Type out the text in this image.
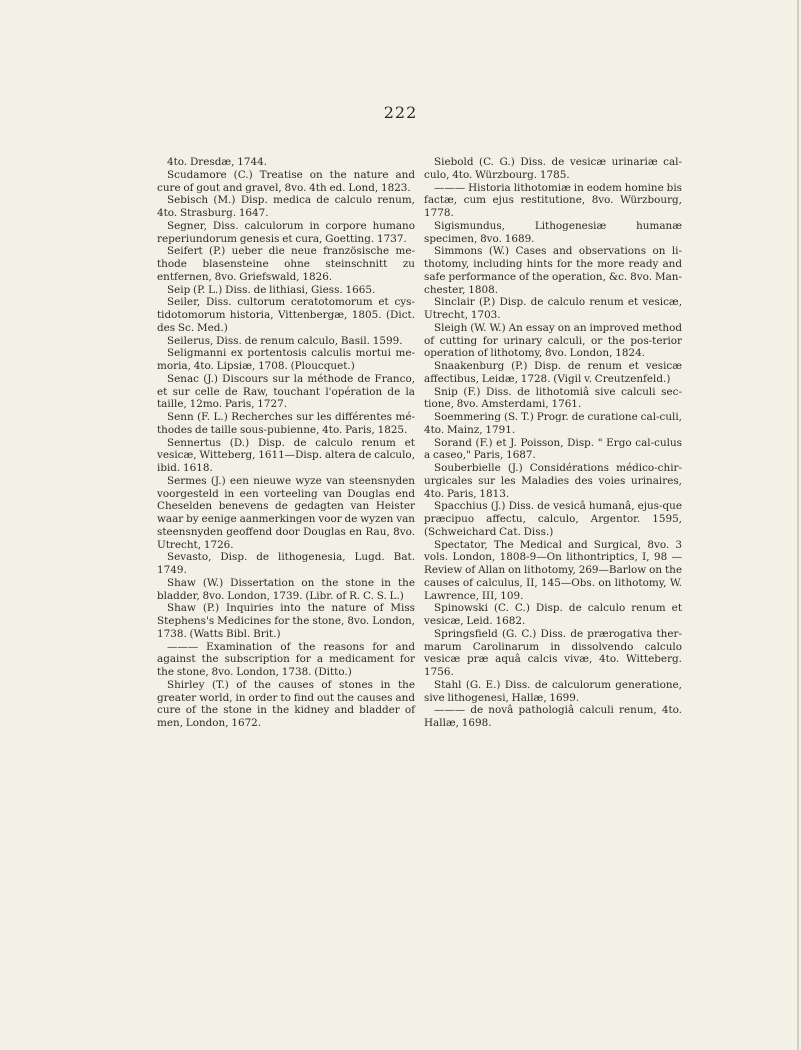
222

4to. Dresdæ, 1744.

Scudamore (C.) Treatise on the nature and cure of gout and gravel, 8vo. 4th ed. Lond, 1823.

Sebisch (M.) Disp. medica de calculo renum, 4to. Strasburg. 1647.

Segner, Diss. calculorum in corpore humano reperiundorum genesis et cura, Goetting. 1737.

Seifert (P.) ueber die neue französische me-thode blasensteine ohne steinschnitt zu entfernen, 8vo. Griefswald, 1826.

Seip (P. L.) Diss. de lithiasi, Giess. 1665.

Seiler, Diss. cultorum ceratotomorum et cys-tidotomorum historia, Vittenbergæ, 1805. (Dict. des Sc. Med.)

Seilerus, Diss. de renum calculo, Basil. 1599.

Seligmanni ex portentosis calculis mortui me-moria, 4to. Lipsiæ, 1708. (Ploucquet.)

Senac (J.) Discours sur la méthode de Franco, et sur celle de Raw, touchant l'opération de la taille, 12mo. Paris, 1727.

Senn (F. L.) Recherches sur les différentes mé-thodes de taille sous-pubienne, 4to. Paris, 1825.

Sennertus (D.) Disp. de calculo renum et vesicæ, Witteberg, 1611—Disp. altera de calculo, ibid. 1618.

Sermes (J.) een nieuwe wyze van steensnyden voorgesteld in een vorteeling van Douglas end Cheselden benevens de gedagten van Heister waar by eenige aanmerkingen voor de wyzen van steensnyden geoffend door Douglas en Rau, 8vo. Utrecht, 1726.

Sevasto, Disp. de lithogenesia, Lugd. Bat. 1749.

Shaw (W.) Dissertation on the stone in the bladder, 8vo. London, 1739. (Libr. of R. C. S. L.)

Shaw (P.) Inquiries into the nature of Miss Stephens's Medicines for the stone, 8vo. London, 1738. (Watts Bibl. Brit.)

——— Examination of the reasons for and against the subscription for a medicament for the stone, 8vo. London, 1738. (Ditto.)

Shirley (T.) of the causes of stones in the greater world, in order to find out the causes and cure of the stone in the kidney and bladder of men, London, 1672.

Siebold (C. G.) Diss. de vesicæ urinariæ cal-culo, 4to. Würzbourg. 1785.

——— Historia lithotomiæ in eodem homine bis factæ, cum ejus restitutione, 8vo. Würzbourg, 1778.

Sigismundus, Lithogenesiæ humanæ specimen, 8vo. 1689.

Simmons (W.) Cases and observations on li-thotomy, including hints for the more ready and safe performance of the operation, &c. 8vo. Man-chester, 1808.

Sinclair (P.) Disp. de calculo renum et vesicæ, Utrecht, 1703.

Sleigh (W. W.) An essay on an improved method of cutting for urinary calculi, or the pos-terior operation of lithotomy, 8vo. London, 1824.

Snaakenburg (P.) Disp. de renum et vesicæ affectibus, Leidæ, 1728. (Vigil v. Creutzenfeld.)

Snip (F.) Diss. de lithotomiâ sive calculi sec-tione, 8vo. Amsterdami, 1761.

Soemmering (S. T.) Progr. de curatione cal-culi, 4to. Mainz, 1791.

Sorand (F.) et J. Poisson, Disp. " Ergo cal-culus a caseo," Paris, 1687.

Souberbielle (J.) Considérations médico-chir-urgicales sur les Maladies des voies urinaires, 4to. Paris, 1813.

Spacchius (J.) Diss. de vesicâ humanâ, ejus-que præcipuo affectu, calculo, Argentor. 1595, (Schweichard Cat. Diss.)

Spectator, The Medical and Surgical, 8vo. 3 vols. London, 1808-9—On lithontriptics, I, 98 —Review of Allan on lithotomy, 269—Barlow on the causes of calculus, II, 145—Obs. on lithotomy, W. Lawrence, III, 109.

Spinowski (C. C.) Disp. de calculo renum et vesicæ, Leid. 1682.

Springsfield (G. C.) Diss. de prærogativa ther-marum Carolinarum in dissolvendo calculo vesicæ præ aquâ calcis vivæ, 4to. Witteberg. 1756.

Stahl (G. E.) Diss. de calculorum generatione, sive lithogenesi, Hallæ, 1699.

——— de novâ pathologiâ calculi renum, 4to. Hallæ, 1698.
